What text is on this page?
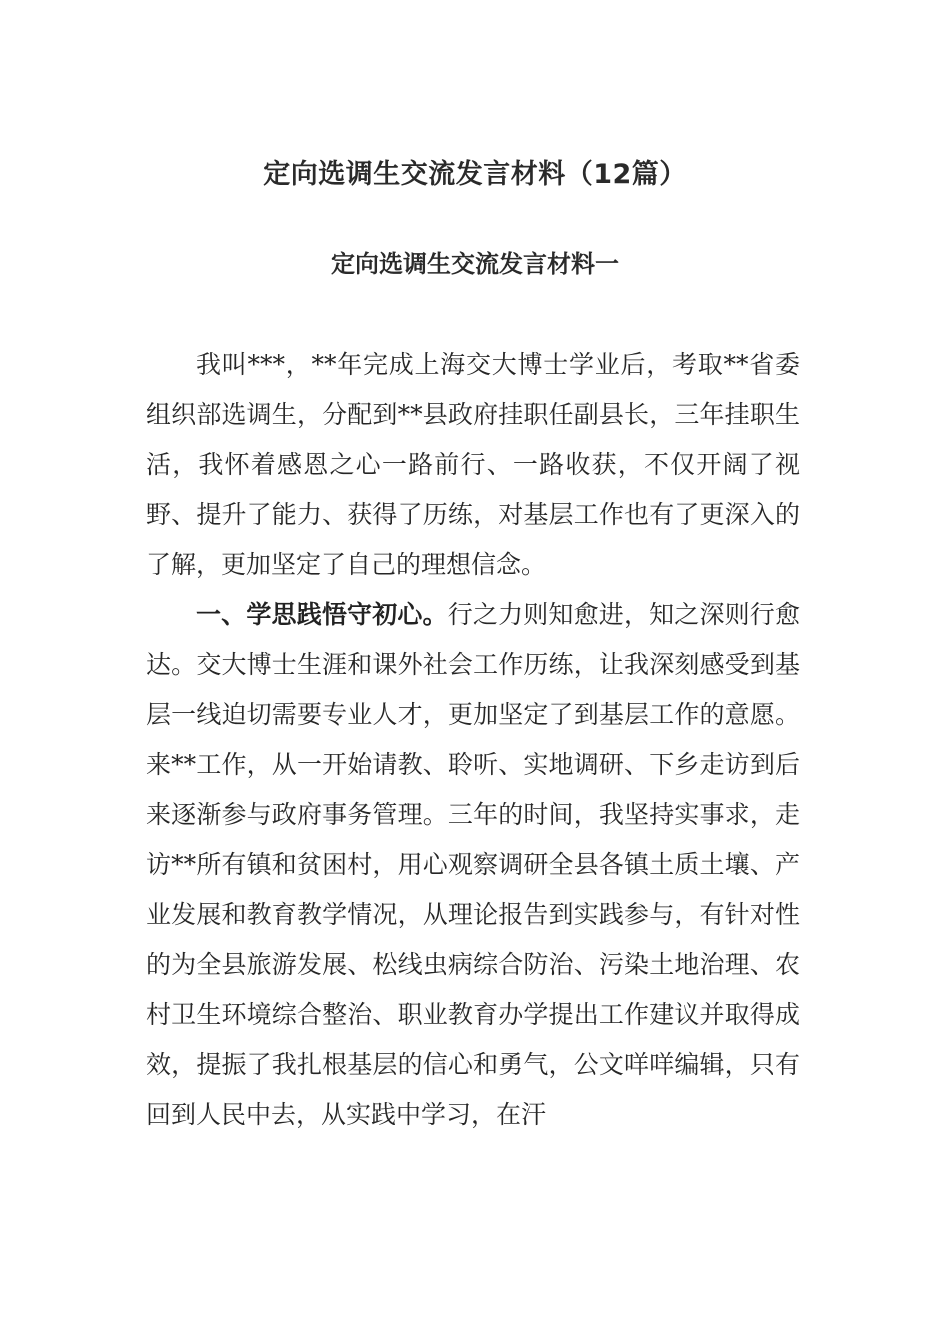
定向选调生交流发言材料（12篇）
定向选调生交流发言材料一

我叫***，**年完成上海交大博士学业后，考取**省委组织部选调生，分配到**县政府挂职任副县长，三年挂职生活，我怀着感恩之心一路前行、一路收获，不仅开阔了视野、提升了能力、获得了历练，对基层工作也有了更深入的了解，更加坚定了自己的理想信念。

一、学思践悟守初心。行之力则知愈进，知之深则行愈达。交大博士生涯和课外社会工作历练，让我深刻感受到基层一线迫切需要专业人才，更加坚定了到基层工作的意愿。来**工作，从一开始请教、聆听、实地调研、下乡走访到后来逐渐参与政府事务管理。三年的时间，我坚持实事求，走访**所有镇和贫困村，用心观察调研全县各镇土质土壤、产业发展和教育教学情况，从理论报告到实践参与，有针对性的为全县旅游发展、松线虫病综合防治、污染土地治理、农村卫生环境综合整治、职业教育办学提出工作建议并取得成效，提振了我扎根基层的信心和勇气，公文咩咩编辑，只有回到人民中去，从实践中学习，在汗
